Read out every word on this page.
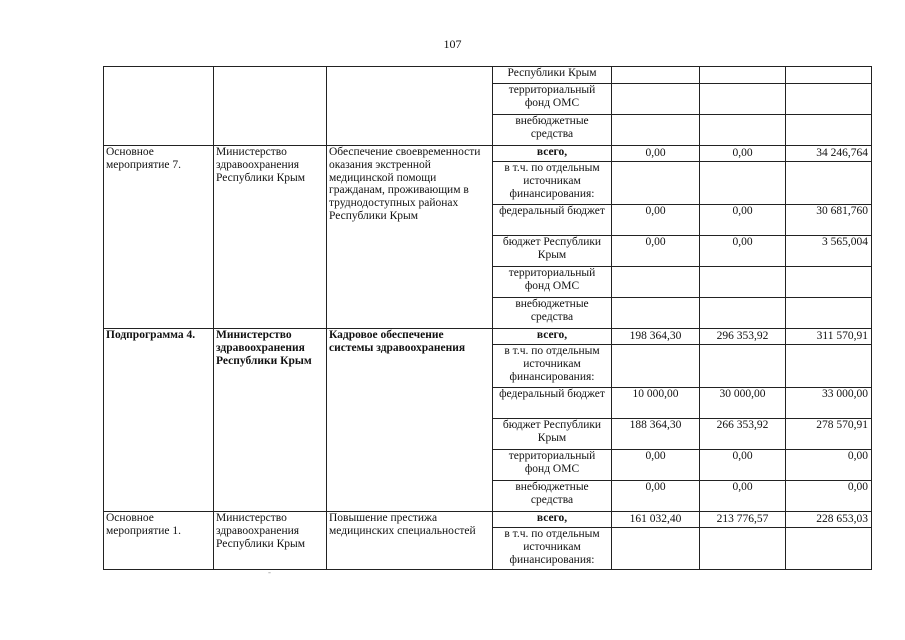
107
			Республики Крым			
			территориальный фонд ОМС			
			внебюджетные средства			
Основное мероприятие 7.	Министерство здравоохранения Республики Крым	Обеспечение своевременности оказания экстренной медицинской помощи гражданам, проживающим в труднодоступных районах Республики Крым	всего,	0,00	0,00	34 246,764
			в т.ч. по отдельным источникам финансирования:			
			федеральный бюджет	0,00	0,00	30 681,760
			бюджет Республики Крым	0,00	0,00	3 565,004
			территориальный фонд ОМС			
			внебюджетные средства			
Подпрограмма 4.	Министерство здравоохранения Республики Крым	Кадровое обеспечение системы здравоохранения	всего,	198 364,30	296 353,92	311 570,91
			в т.ч. по отдельным источникам финансирования:			
			федеральный бюджет	10 000,00	30 000,00	33 000,00
			бюджет Республики Крым	188 364,30	266 353,92	278 570,91
			территориальный фонд ОМС	0,00	0,00	0,00
			внебюджетные средства	0,00	0,00	0,00
Основное мероприятие 1.	Министерство здравоохранения Республики Крым	Повышение престижа медицинских специальностей	всего,	161 032,40	213 776,57	228 653,03
			в т.ч. по отдельным источникам финансирования:			
-
